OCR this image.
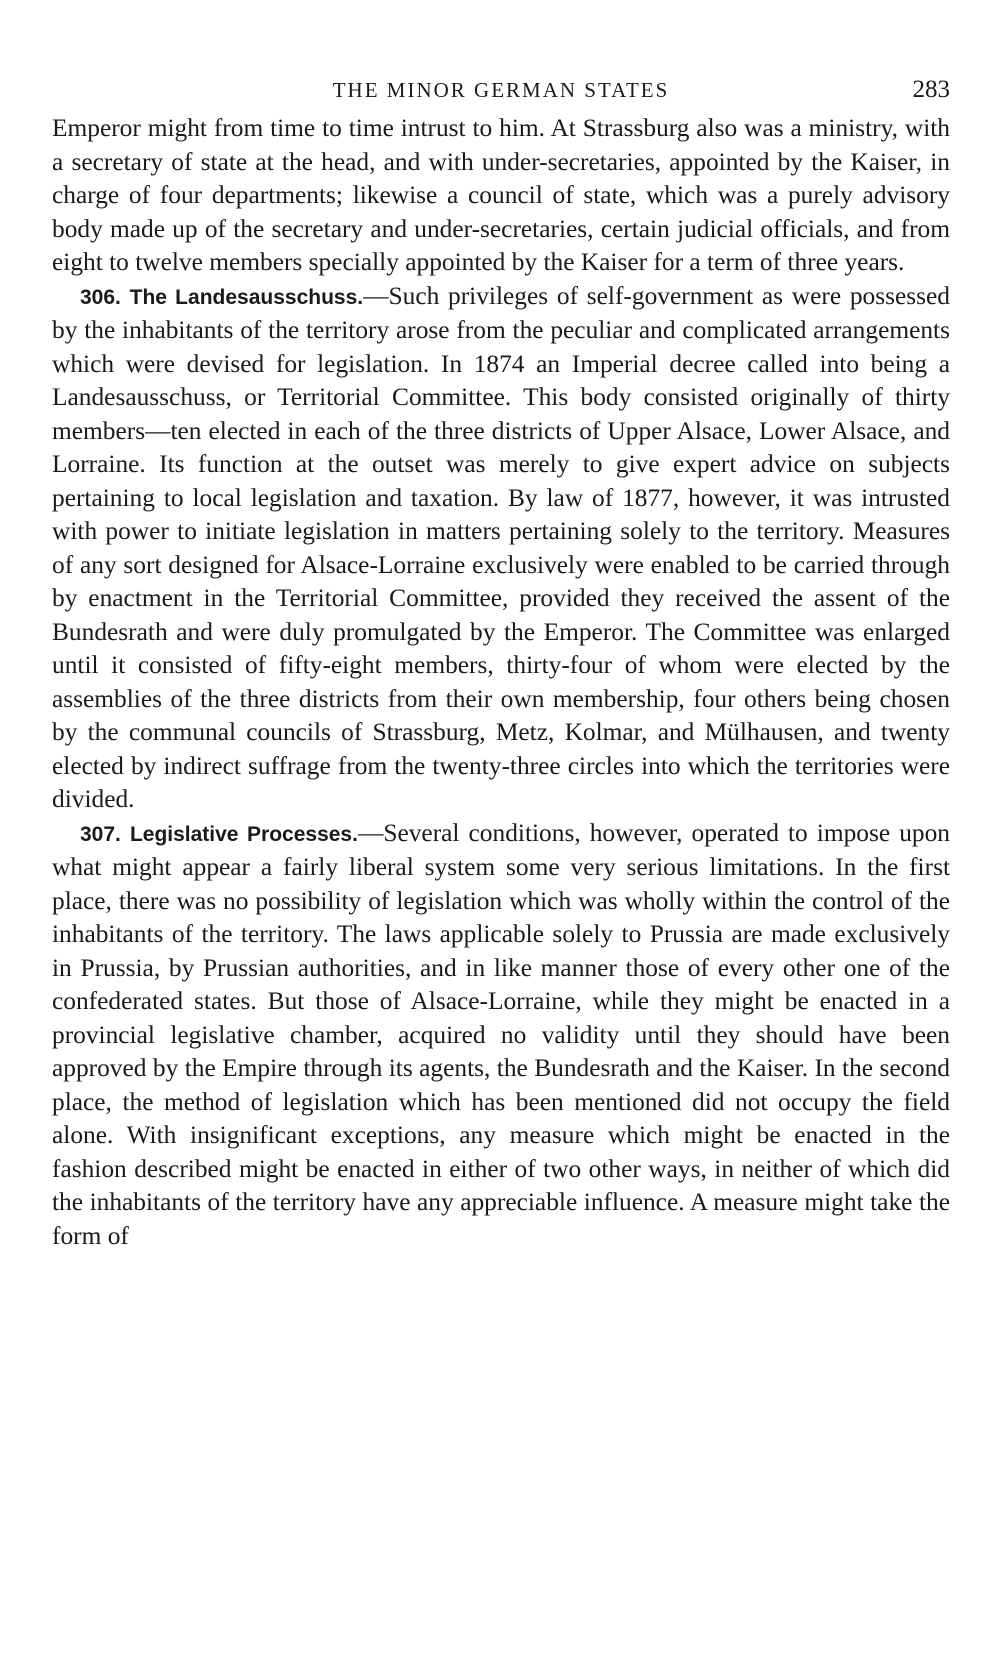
THE MINOR GERMAN STATES	283

Emperor might from time to time intrust to him. At Strassburg also was a ministry, with a secretary of state at the head, and with under-secretaries, appointed by the Kaiser, in charge of four departments; likewise a council of state, which was a purely advisory body made up of the secretary and under-secretaries, certain judicial officials, and from eight to twelve members specially appointed by the Kaiser for a term of three years.

306. The Landesausschuss.—Such privileges of self-government as were possessed by the inhabitants of the territory arose from the peculiar and complicated arrangements which were devised for legislation. In 1874 an Imperial decree called into being a Landesausschuss, or Territorial Committee. This body consisted originally of thirty members—ten elected in each of the three districts of Upper Alsace, Lower Alsace, and Lorraine. Its function at the outset was merely to give expert advice on subjects pertaining to local legislation and taxation. By law of 1877, however, it was intrusted with power to initiate legislation in matters pertaining solely to the territory. Measures of any sort designed for Alsace-Lorraine exclusively were enabled to be carried through by enactment in the Territorial Committee, provided they received the assent of the Bundesrath and were duly promulgated by the Emperor. The Committee was enlarged until it consisted of fifty-eight members, thirty-four of whom were elected by the assemblies of the three districts from their own membership, four others being chosen by the communal councils of Strassburg, Metz, Kolmar, and Mülhausen, and twenty elected by indirect suffrage from the twenty-three circles into which the territories were divided.

307. Legislative Processes.—Several conditions, however, operated to impose upon what might appear a fairly liberal system some very serious limitations. In the first place, there was no possibility of legislation which was wholly within the control of the inhabitants of the territory. The laws applicable solely to Prussia are made exclusively in Prussia, by Prussian authorities, and in like manner those of every other one of the confederated states. But those of Alsace-Lorraine, while they might be enacted in a provincial legislative chamber, acquired no validity until they should have been approved by the Empire through its agents, the Bundesrath and the Kaiser. In the second place, the method of legislation which has been mentioned did not occupy the field alone. With insignificant exceptions, any measure which might be enacted in the fashion described might be enacted in either of two other ways, in neither of which did the inhabitants of the territory have any appreciable influence. A measure might take the form of
